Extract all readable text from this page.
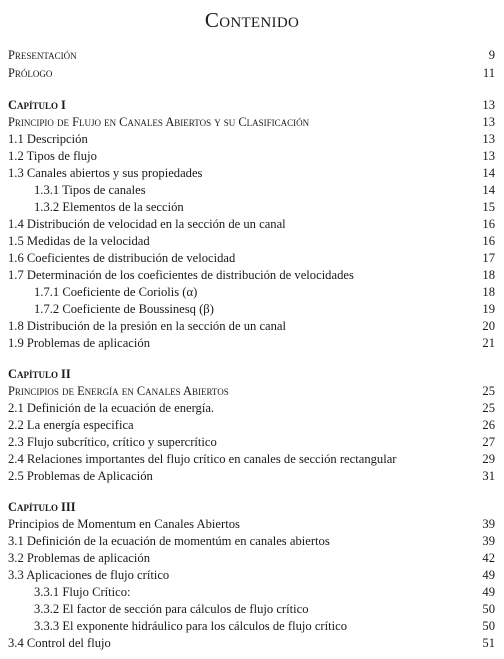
Contenido
Presentación	9
Prólogo	11
Capítulo I	13
Principio de Flujo en Canales Abiertos y su Clasificación	13
1.1 Descripción	13
1.2 Tipos de flujo	13
1.3 Canales abiertos y sus propiedades	14
1.3.1 Tipos de canales	14
1.3.2 Elementos de la sección	15
1.4 Distribución de velocidad en la sección de un canal	16
1.5 Medidas de la velocidad	16
1.6 Coeficientes de distribución de velocidad	17
1.7 Determinación de los coeficientes de distribución de velocidades	18
1.7.1 Coeficiente de Coriolis (α)	18
1.7.2 Coeficiente de Boussinesq (β)	19
1.8 Distribución de la presión en la sección de un canal	20
1.9 Problemas de aplicación	21
Capítulo II
Principios de Energía en Canales Abiertos	25
2.1 Definición de la ecuación de energía.	25
2.2 La energía especifica	26
2.3 Flujo subcrítico, crítico y supercrítico	27
2.4 Relaciones importantes del flujo crítico en canales de sección rectangular	29
2.5 Problemas de Aplicación	31
Capítulo III
Principios de Momentum en Canales Abiertos	39
3.1 Definición de la ecuación de momentúm en canales abiertos	39
3.2 Problemas de aplicación	42
3.3 Aplicaciones de flujo crítico	49
3.3.1 Flujo Crítico:	49
3.3.2 El factor de sección para cálculos de flujo crítico	50
3.3.3 El exponente hidráulico para los cálculos de flujo crítico	50
3.4 Control del flujo	51
